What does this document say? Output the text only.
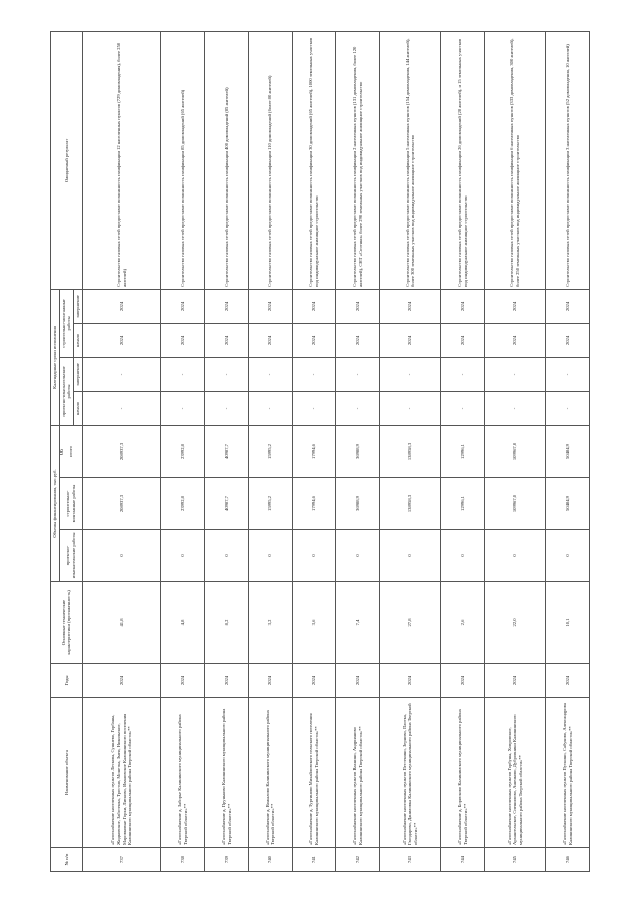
90
№ п/п	Наименование объекта	Годы	Основные технические характеристики (протяженность)	Объемы финансирования, тыс.руб.			Календарные сроки исполнения				Ожидаемый результат
				проектно-изыскательские работы	строительно-монтажные работы	итого	проектно-изыскательские работы		строительно-монтажные работы		
							начало	завершение	начало	завершение	
737	«Газоснабжение населенных пунктов Лескова, Сушнево, Горбаны, Жидковское, Заботенка, Тростно, Монетка, Змеи, Никольское, Маровковые Горки, Лисково, Ивановское Калининского поселения Калининского муниципального района Тверской области»**	2024	41,8	0	208937,3	208937,3	-	-	2024	2024	Строительство газовых сетей предоставит возможность газификации 12 населенных пунктов (729 домовладения), более 250 жителей)
738	«Газоснабжение д. Заборье Калининского муниципального района Тверской области»**	2024	4,8	0	23992,8	23992,8	-	-	2024	2024	Строительство газовых сетей предоставит возможность газификации 85 домовладений (65 жителей)
739	«Газоснабжение д. Пруньково Калининского муниципального района Тверской области»**	2024	8,2	0	40987,7	40987,7	-	-	2024	2024	Строительство газовых сетей предоставит возможность газификации 400 домовладений (85 жителей)
740	«Газоснабжение д. Вожалово Калининского муниципального района Тверской области»**	2024	3,2	0	15995,2	15995,2	-	-	2024	2024	Строительство газовых сетей предоставит возможность газификации 110 домовладений (более 80 жителей)
741	«Газоснабжение д. Тургиново Михайловского сельского поселения Калининского муниципального района Тверской области»**	2024	3,6	0	17994,6	17994,6	-	-	2024	2024	Строительство газовых сетей предоставит возможность газификации 30 домовладений (65 жителей), 1000 земельных участков под индивидуальное жилищное строительство
742	«Газоснабжение населенных пунктов Вахнино, Андрианово Калининского муниципального района Тверской области»**	2024	7,4	0	36988,9	36988,9	-	-	2024	2024	Строительство газовых сетей предоставит возможность газификации 2 населенных пунктов (131 домовладения, более 120 жителей), СНТ «Сосенки» более 290 земельных участков под индивидуальное жилищное строительство
743	«Газоснабжение населенных пунктов Пестенино, Зерново, Пасека, Гвоздарево, Даниловка Калининского муниципального района Тверской области»**	2024	27,8	0	138958,3	138958,3	-	-	2024	2024	Строительство газовых сетей предоставит возможность газификации 5 населенных пунктов (154 домовладения, 144 жителей), более 300 земельных участков под индивидуальное жилищное строительство
744	«Газоснабжение д. Борисково Калининского муниципального района Тверской области»**	2024	2,6	0	12996,1	12996,1	-	-	2024	2024	Строительство газовых сетей предоставит возможность газификации 26 домовладений (28 жителей), и 15 земельных участков под индивидуальное жилищное строительство
745	«Газоснабжение населенных пунктов Горбуны, Хопровское, Архангельское, Спешилово, Аничково, Дубровники Калининского муниципального района Тверской области»**	2024	22,0	0	109967,0	109967,0	-	-	2024	2024	Строительство газовых сетей предоставит возможность газификации 6 населенных пунктов (333 домовладения, 300 жителей), более 250 земельных участков под индивидуальное жилищное строительство
746	«Газоснабжение населенных пунктов Пускино, Сабуково, Александрова Калининского муниципального района Тверской области»**	2024	10,1	0	50484,9	50484,9	-	-	2024	2024	Строительство газовых сетей предоставит возможность газификации 3 населенных пунктов (52 домовладения, 10 жителей)
